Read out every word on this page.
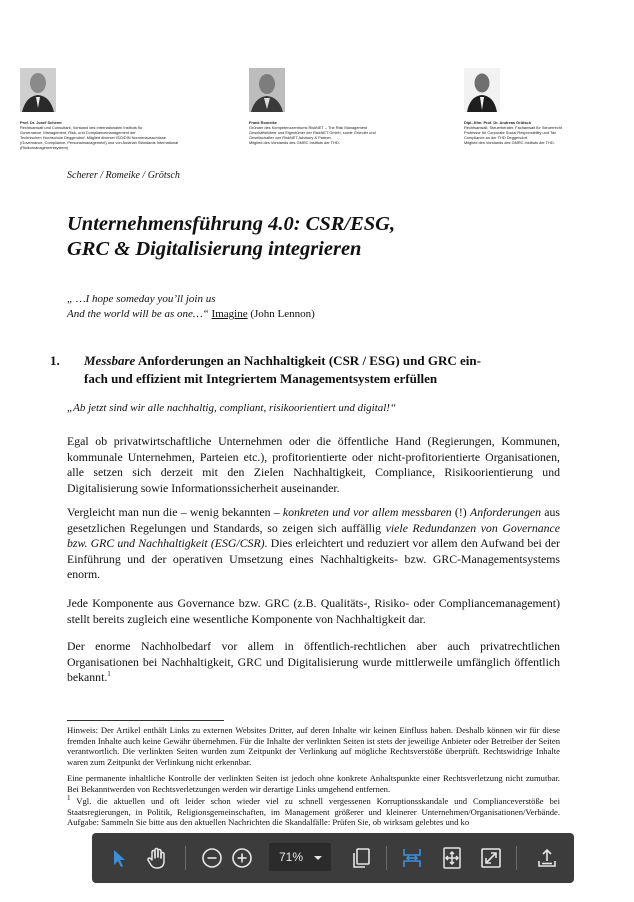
Prof. Dr. Josef Scherer
Rechtsanwalt und Consultant, Vorstand des Internationalen Instituts für
Governance, Management, Risk- und Compliancemanagement der
Technischen Hochschule Deggendorf; Mitglied diverser ISO/DIN Normenausschüsse
(Governance, Compliance, Personalmanagement) und von Austrian Standards International
(Risikomanagementsystem)
Frank Romeike
Gründer des Kompetenzzentrums RiskNET – The Risk Management
Geschäftsführer und Eigentümer der RiskNET GmbH, sowie Gründer und
Gesellschafter von RiskNET Advisory & Partner.
Mitglied des Vorstands des GMRC Instituts der THD.
Dipl.-Kfm. Prof. Dr. Andreas Grötsch
Rechtsanwalt, Steuerberater, Fachanwalt für Steuerrecht
Professor für Corporate Social Responsibility und Tax
Compliance an der THD Deggendorf.
Mitglied des Vorstands des GMRC Instituts der THD.
Scherer / Romeike / Grötsch
Unternehmensführung 4.0: CSR/ESG,
GRC & Digitalisierung integrieren
„ …I hope someday you’ll join us
And the world will be as one…“ Imagine (John Lennon)
1. Messbare Anforderungen an Nachhaltigkeit (CSR / ESG) und GRC ein-
fach und effizient mit Integriertem Managementsystem erfüllen
„Ab jetzt sind wir alle nachhaltig, compliant, risikoorientiert und digital!“
Egal ob privatwirtschaftliche Unternehmen oder die öffentliche Hand (Regierungen, Kommunen, kommunale Unternehmen, Parteien etc.), profitorientierte oder nicht-profitorientierte Organisationen, alle setzen sich derzeit mit den Zielen Nachhaltigkeit, Compliance, Risikoorientierung und Digitalisierung sowie Informationssicherheit auseinander.
Vergleicht man nun die – wenig bekannten – konkreten und vor allem messbaren (!) Anforderungen aus gesetzlichen Regelungen und Standards, so zeigen sich auffällig viele Redundanzen von Governance bzw. GRC und Nachhaltigkeit (ESG/CSR). Dies erleichtert und reduziert vor allem den Aufwand bei der Einführung und der operativen Umsetzung eines Nachhaltigkeits- bzw. GRC-Managementsystems enorm.
Jede Komponente aus Governance bzw. GRC (z.B. Qualitäts-, Risiko- oder Compliancemanagement) stellt bereits zugleich eine wesentliche Komponente von Nachhaltigkeit dar.
Der enorme Nachholbedarf vor allem in öffentlich-rechtlichen aber auch privatrechtlichen Organisationen bei Nachhaltigkeit, GRC und Digitalisierung wurde mittlerweile umfänglich öffentlich bekannt.$^1$
Hinweis: Der Artikel enthält Links zu externen Websites Dritter, auf deren Inhalte wir keinen Einfluss haben. Deshalb können wir für diese fremden Inhalte auch keine Gewähr übernehmen. Für die Inhalte der verlinkten Seiten ist stets der jeweilige Anbieter oder Betreiber der Seiten verantwortlich. Die verlinkten Seiten wurden zum Zeitpunkt der Verlinkung auf mögliche Rechtsverstöße überprüft. Rechtswidrige Inhalte waren zum Zeitpunkt der Verlinkung nicht erkennbar.
Eine permanente inhaltliche Kontrolle der verlinkten Seiten ist jedoch ohne konkrete Anhaltspunkte einer Rechtsverletzung nicht zumutbar. Bei Bekanntwerden von Rechtsverletzungen werden wir derartige Links umgehend entfernen.
$^1$ Vgl. die aktuellen und oft leider schon wieder viel zu schnell vergessenen Korruptionsskandale und Complianceverstöße bei Staatsregierungen, in Politik, Religionsgemeinschaften, im Management größerer und kleinerer Unternehmen/Organisationen/Verbände. Aufgabe: Sammeln Sie bitte aus den aktuellen Nachrichten die Skandalfälle: Prüfen Sie, ob wirksam gelebtes und ko
71%
